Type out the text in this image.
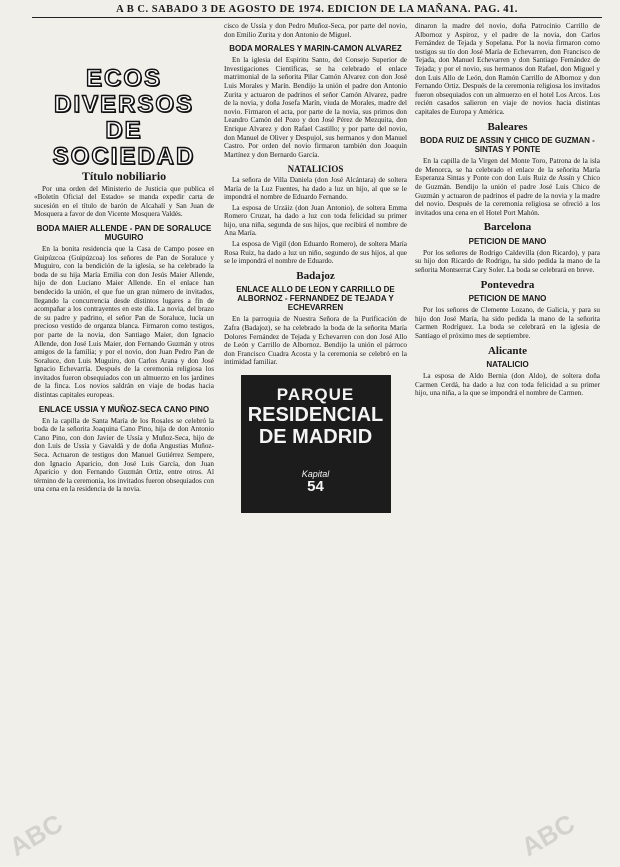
A B C. SABADO 3 DE AGOSTO DE 1974. EDICION DE LA MAÑANA. PAG. 41.
ECOS DIVERSOS DE SOCIEDAD
Título nobiliario

Por una orden del Ministerio de Justicia que publica el «Boletín Oficial del Estado» se manda expedir carta de sucesión en el título de barón de Alcahalí y San Juan de Mosquera a favor de don Vicente Mosquera Valdés.

BODA MAIER ALLENDE - PAN DE SORALUCE MUGUIRO

En la bonita residencia que la Casa de Campo posee en Guipúzcoa (Guipúzcoa) los señores de Pan de Soraluce y Muguiro, con la bendición de la iglesia, se ha celebrado la boda de su hija María Emilia con don Jesús Maier Allende, hijo de don Luciano Maier Allende. En el enlace han bendecido la unión, el que fue un gran número de invitados, llegando la concurrencia desde distintos lugares a fin de acompañar a los contrayentes en este día. La novia, del brazo de su padre y padrino, el señor Pan de Soraluce, lucía un precioso vestido de organza blanca. Firmaron como testigos, por parte de la novia, don Santiago Maier, don Ignacio Allende, don José Luis Maier, don Fernando Guzmán y otros amigos de la familia; y por el novio, don Juan Pedro Pan de Soraluce, don Luis Muguiro, don Carlos Arana y don José Ignacio Echevarría. Después de la ceremonia religiosa los invitados fueron obsequiados con un almuerzo en los jardines de la finca. Los novios saldrán en viaje de bodas hacia distintas capitales europeas.

ENLACE USSIA Y MUÑOZ-SECA CANO PINO

En la capilla de Santa María de los Rosales se celebró la boda de la señorita Joaquina Cano Pino, hija de don Antonio Cano Pino, con don Javier de Ussía y Muñoz-Seca, hijo de don Luis de Ussía y Gavaldá y de doña Angustias Muñoz-Seca. Actuaron de testigos don Manuel Gutiérrez Sempere, don Ignacio Aparicio, don José Luis García, don Juan Aparicio y don Fernando Guzmán Ortiz, entre otros. Al término de la ceremonia, los invitados fueron obsequiados con una cena en la residencia de la novia.

cisco de Ussía y don Pedro Muñoz-Seca, por parte del novio, don Emilio Zurita y don Antonio de Miguel.

BODA MORALES Y MARIN-CAMON ALVAREZ

En la iglesia del Espíritu Santo, del Consejo Superior de Investigaciones Científicas, se ha celebrado el enlace matrimonial de la señorita Pilar Camón Alvarez con don José Luis Morales y Marín. Bendijo la unión el padre don Antonio Zurita y actuaron de padrinos el señor Camón Alvarez, padre de la novia, y doña Josefa Marín, viuda de Morales, madre del novio. Firmaron el acta, por parte de la novia, sus primos don Leandro Camón del Pozo y don José Pérez de Mezquita, don Enrique Alvarez y don Rafael Castillo; y por parte del novio, don Manuel de Oliver y Despujol, sus hermanos y don Manuel Castro. Por orden del novio firmaron también don Joaquín Martínez y don Bernardo García.

NATALICIOS

La señora de Villa Daniela (don José Alcántara) de soltera María de la Luz Fuentes, ha dado a luz un hijo, al que se le impondrá el nombre de Eduardo Fernando.

La esposa de Urzáiz (don Juan Antonio), de soltera Emma Romero Cruzat, ha dado a luz con toda felicidad su primer hijo, una niña, segunda de sus hijos, que recibirá el nombre de Ana María.

La esposa de Vigil (don Eduardo Romero), de soltera María Rosa Ruiz, ha dado a luz un niño, segundo de sus hijos, al que se le impondrá el nombre de Eduardo.

Badajoz
ENLACE ALLO DE LEON Y CARRILLO DE ALBORNOZ - FERNANDEZ DE TEJADA Y ECHEVARREN

En la parroquia de Nuestra Señora de la Purificación de Zafra (Badajoz), se ha celebrado la boda de la señorita María Dolores Fernández de Tejada y Echevarren con don José Allo de León y Carrillo de Albornoz. Bendijo la unión el párroco don Francisco Cuadra Acosta y la ceremonia se celebró en la intimidad familiar.

PARQUE
RESIDENCIAL DE MADRID
Kapital
54

dinaron la madre del novio, doña Patrocinio Carrillo de Albornoz y Aspiroz, y el padre de la novia, don Carlos Fernández de Tejada y Sopelana. Por la novia firmaron como testigos su tío don José María de Echevarren, don Francisco de Tejada, don Manuel Echevarren y don Santiago Fernández de Tejada; y por el novio, sus hermanos don Rafael, don Miguel y don Luis Allo de León, don Ramón Carrillo de Albornoz y don Fernando Ortiz. Después de la ceremonia religiosa los invitados fueron obsequiados con un almuerzo en el hotel Los Arcos. Los recién casados salieron en viaje de novios hacia distintas capitales de Europa y América.

Baleares
BODA RUIZ DE ASSIN Y CHICO DE GUZMAN - SINTAS Y PONTE

En la capilla de la Virgen del Monte Toro, Patrona de la isla de Menorca, se ha celebrado el enlace de la señorita María Esperanza Sintas y Ponte con don Luis Ruiz de Assín y Chico de Guzmán. Bendijo la unión el padre José Luis Chico de Guzmán y actuaron de padrinos el padre de la novia y la madre del novio. Después de la ceremonia religiosa se ofreció a los invitados una cena en el Hotel Port Mahón.

Barcelona
PETICION DE MANO

Por los señores de Rodrigo Caldevilla (don Ricardo), y para su hijo don Ricardo de Rodrigo, ha sido pedida la mano de la señorita Montserrat Cary Soler. La boda se celebrará en breve.

Pontevedra
PETICION DE MANO

Por los señores de Clemente Lozano, de Galicia, y para su hijo don José María, ha sido pedida la mano de la señorita Carmen Rodríguez. La boda se celebrará en la iglesia de Santiago el próximo mes de septiembre.

Alicante
NATALICIO

La esposa de Aldo Bernia (don Aldo), de soltera doña Carmen Cerdá, ha dado a luz con toda felicidad a su primer hijo, una niña, a la que se impondrá el nombre de Carmen.

ABC	ABC
